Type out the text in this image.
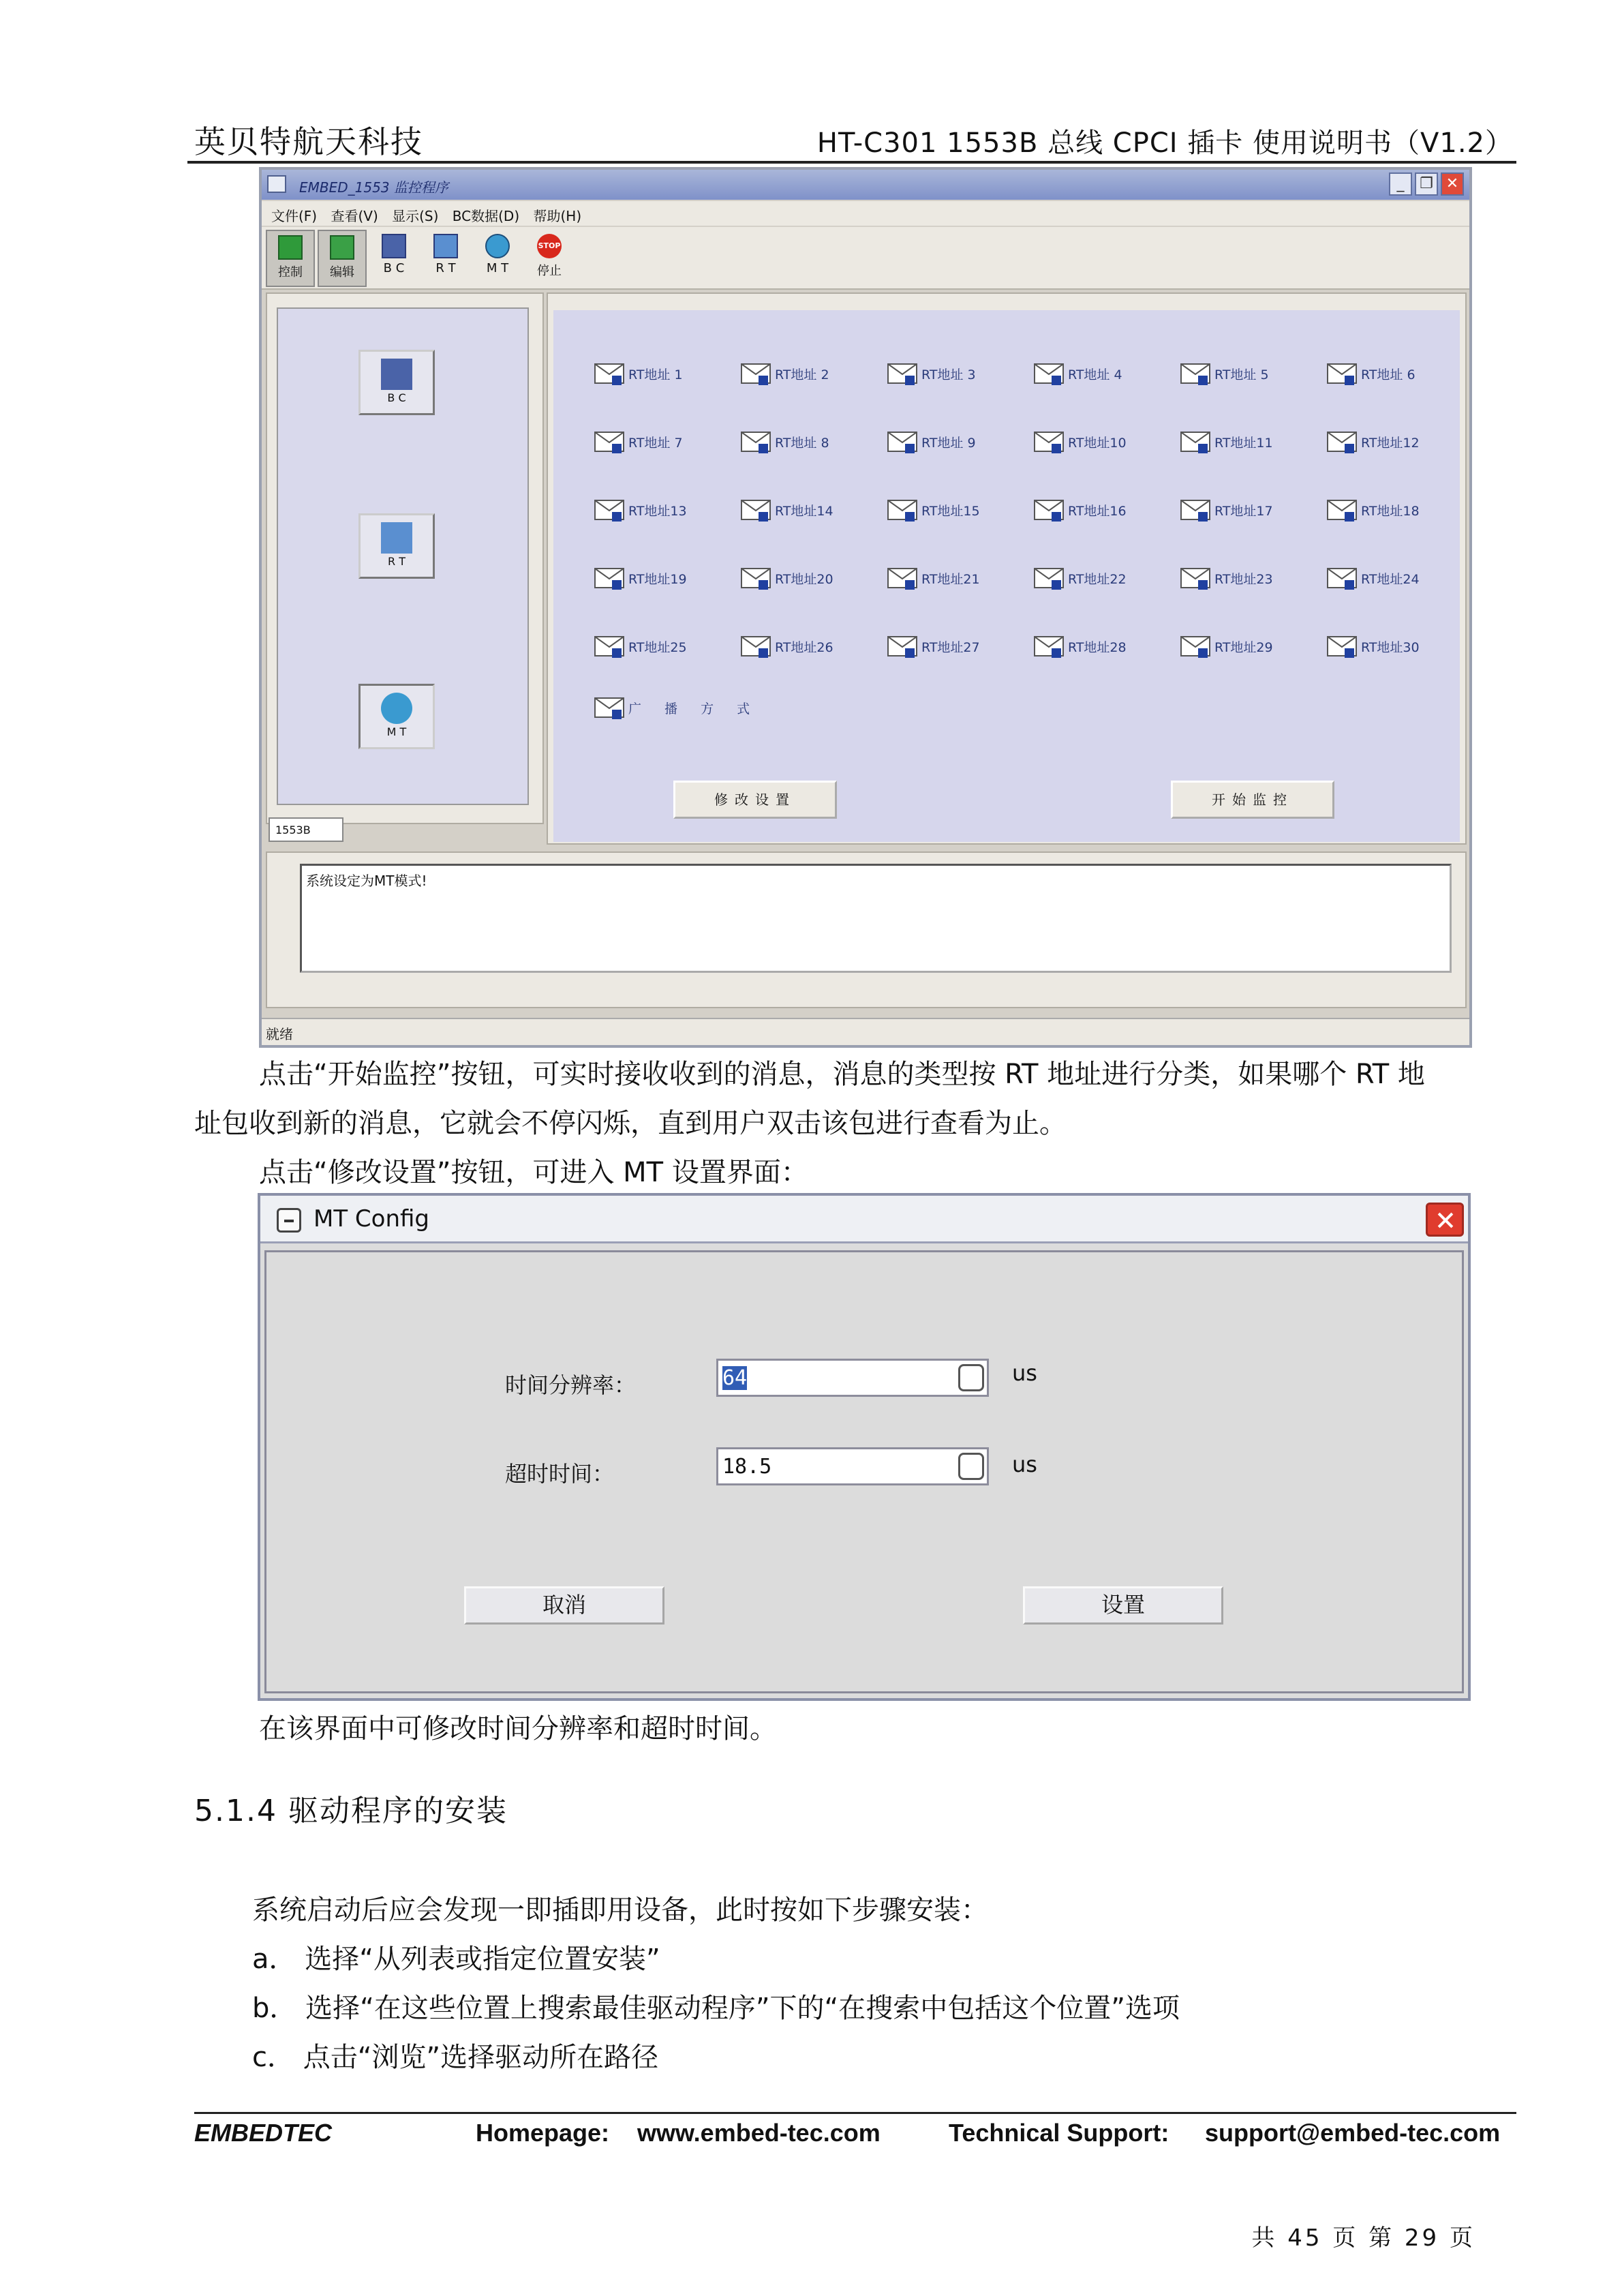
英贝特航天科技	HT-C301 1553B 总线 CPCI 插卡 使用说明书（V1.2）
EMBED_1553 监控程序	_	❐ ✕
文件(F) 查看(V) 显示(S) BC数据(D) 帮助(H)
控制	编辑	B C	R T	M T
STOP
停止
B C
R T
M T
1553B
广 播 方 式
修改设置	开始监控
RT地址 1	RT地址 2	RT地址 3	RT地址 4	RT地址 5	RT地址 6
RT地址 7	RT地址 8	RT地址 9	RT地址10	RT地址11	RT地址12
RT地址13	RT地址14	RT地址15	RT地址16	RT地址17	RT地址18
RT地址19	RT地址20	RT地址21	RT地址22	RT地址23	RT地址24
RT地址25	RT地址26	RT地址27	RT地址28	RT地址29	RT地址30
系统设定为MT模式!
就绪
点击“开始监控”按钮，可实时接收收到的消息，消息的类型按 RT 地址进行分类，如果哪个 RT 地
址包收到新的消息，它就会不停闪烁，直到用户双击该包进行查看为止。
点击“修改设置”按钮，可进入 MT 设置界面：
MT Config
时间分辨率：	64	us
超时时间：	18.5	us
取消	设置
在该界面中可修改时间分辨率和超时时间。
5.1.4 驱动程序的安装
系统启动后应会发现一即插即用设备，此时按如下步骤安装：
a． 选择“从列表或指定位置安装”
b． 选择“在这些位置上搜索最佳驱动程序”下的“在搜索中包括这个位置”选项
c． 点击“浏览”选择驱动所在路径
EMBEDTEC	Homepage: www.embed-tec.com	Technical Support: support@embed-tec.com
共 45 页 第 29 页
